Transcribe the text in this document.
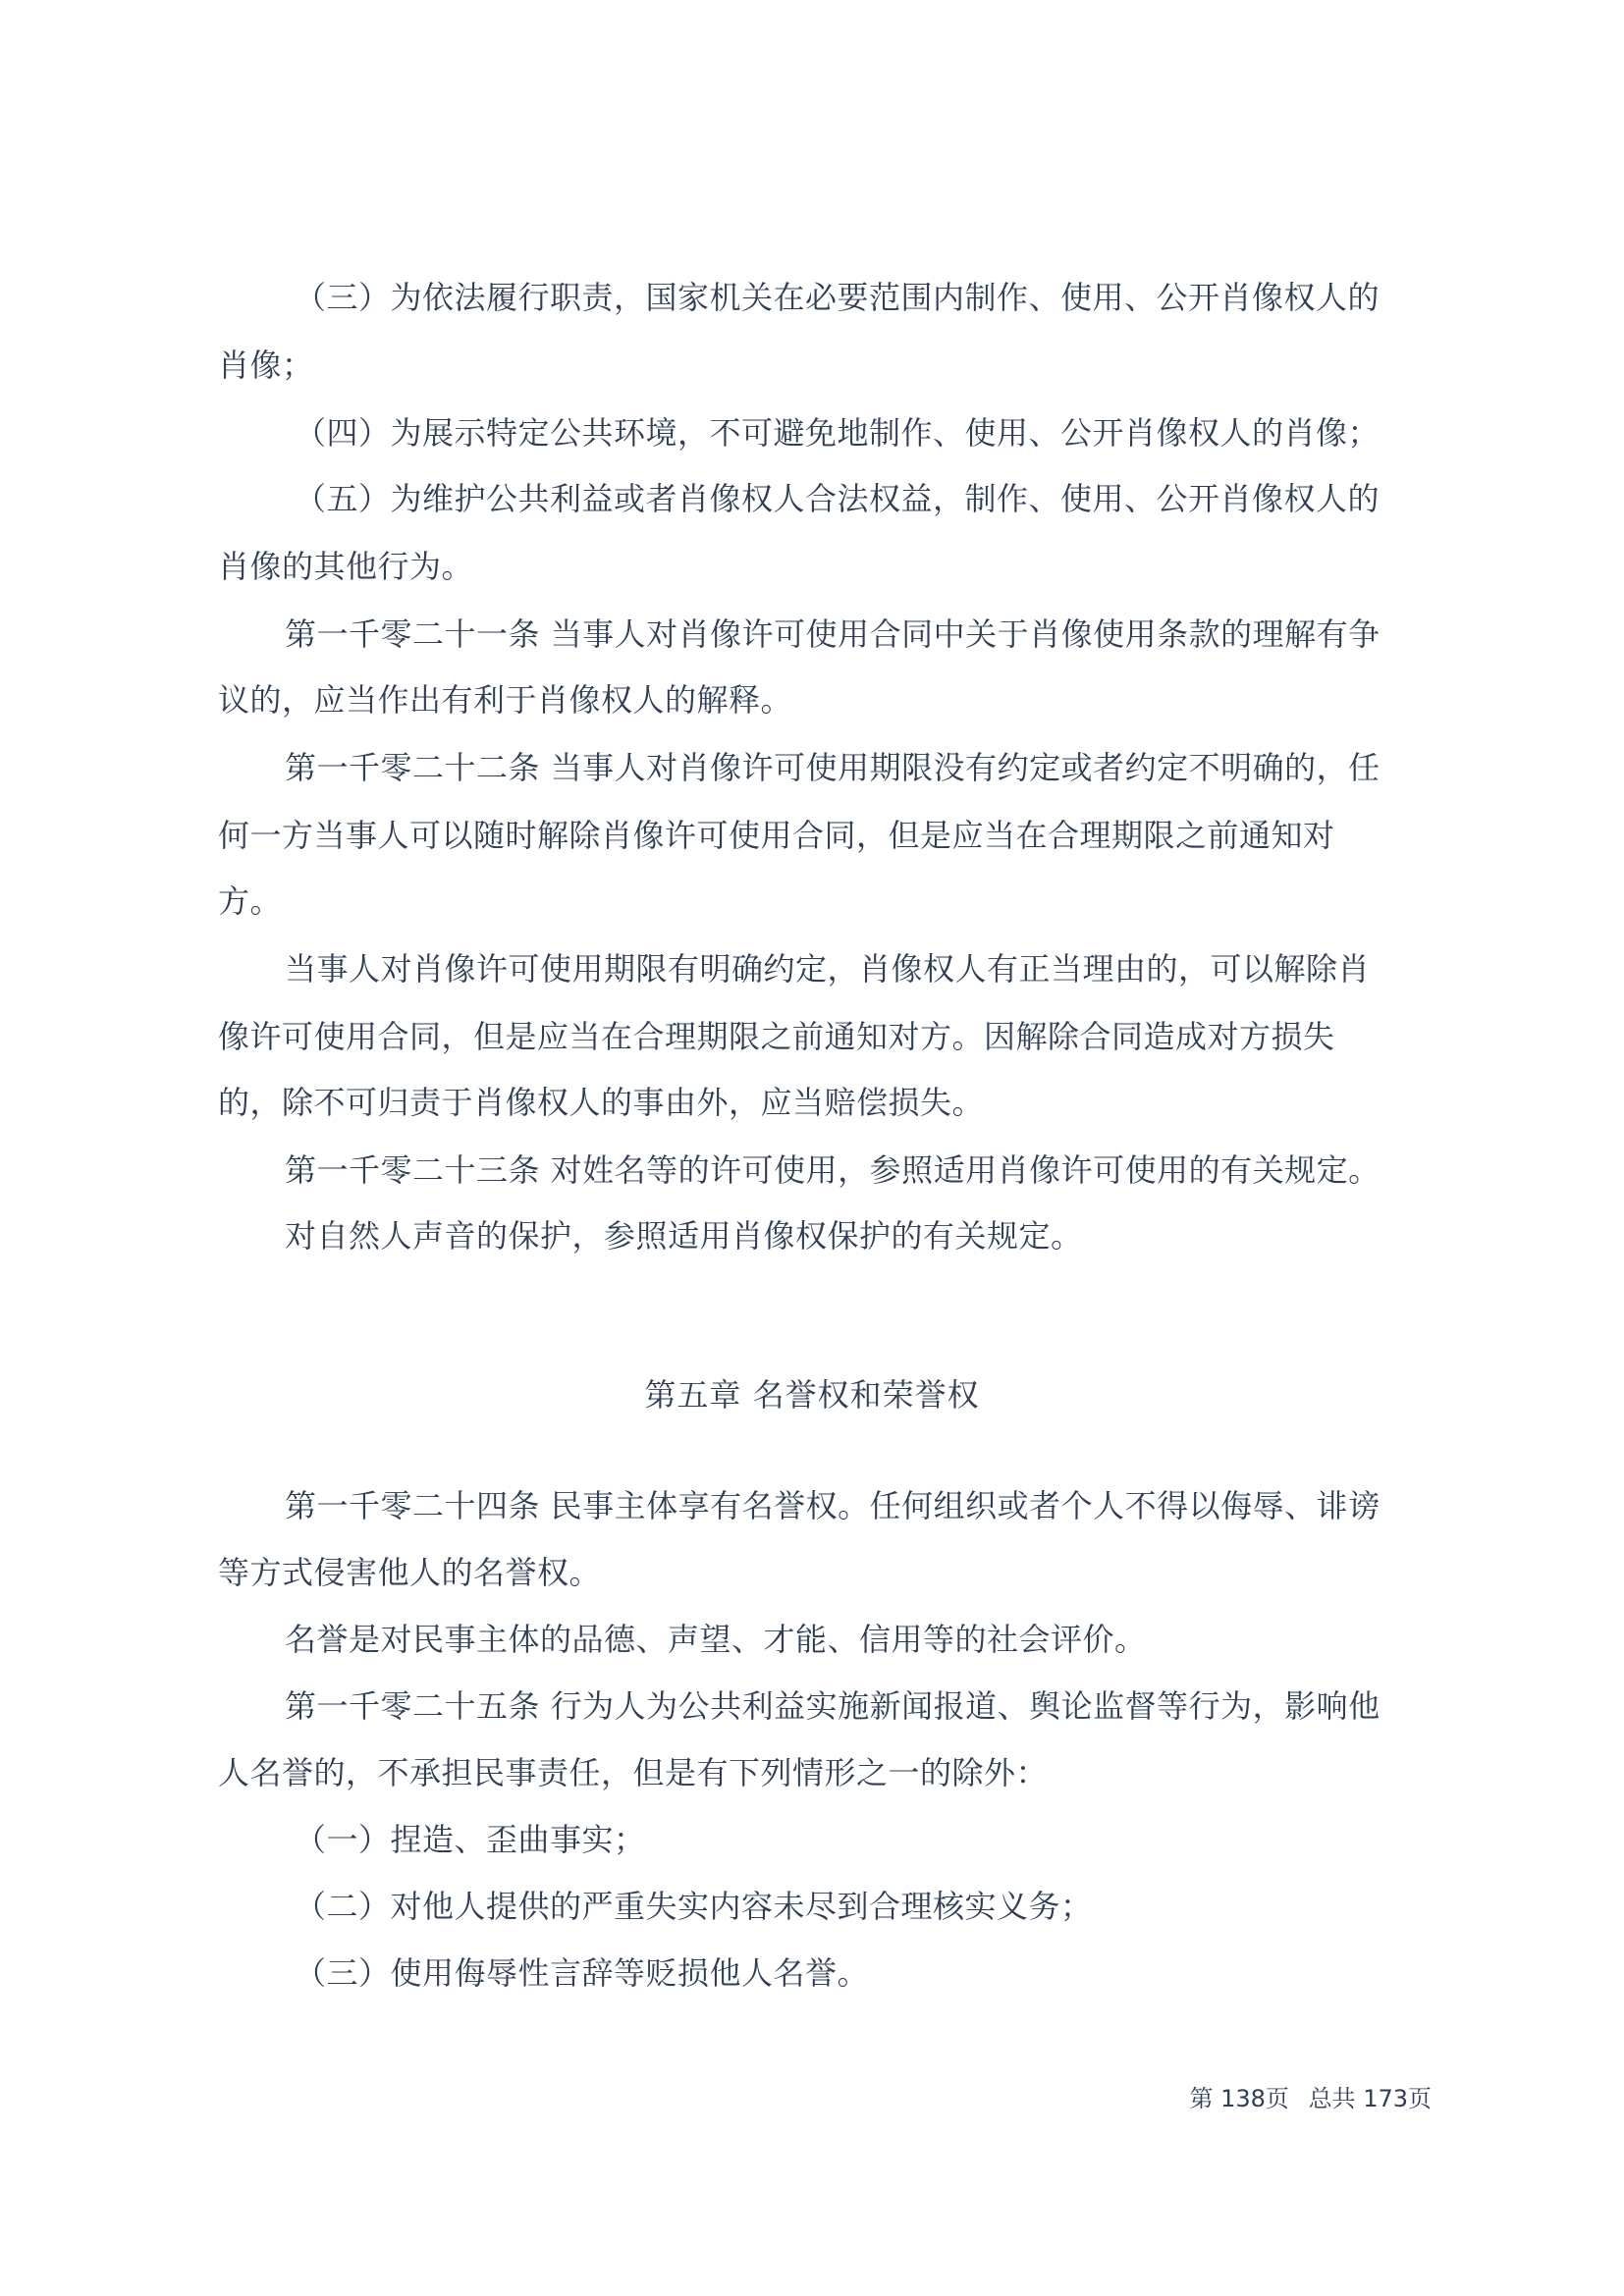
（三）为依法履行职责，国家机关在必要范围内制作、使用、公开肖像权人的
肖像；
（四）为展示特定公共环境，不可避免地制作、使用、公开肖像权人的肖像；
（五）为维护公共利益或者肖像权人合法权益，制作、使用、公开肖像权人的
肖像的其他行为。
第一千零二十一条 当事人对肖像许可使用合同中关于肖像使用条款的理解有争
议的，应当作出有利于肖像权人的解释。
第一千零二十二条 当事人对肖像许可使用期限没有约定或者约定不明确的，任
何一方当事人可以随时解除肖像许可使用合同，但是应当在合理期限之前通知对
方。
当事人对肖像许可使用期限有明确约定，肖像权人有正当理由的，可以解除肖
像许可使用合同，但是应当在合理期限之前通知对方。因解除合同造成对方损失
的，除不可归责于肖像权人的事由外，应当赔偿损失。
第一千零二十三条 对姓名等的许可使用，参照适用肖像许可使用的有关规定。
对自然人声音的保护，参照适用肖像权保护的有关规定。
第五章 名誉权和荣誉权
第一千零二十四条 民事主体享有名誉权。任何组织或者个人不得以侮辱、诽谤
等方式侵害他人的名誉权。
名誉是对民事主体的品德、声望、才能、信用等的社会评价。
第一千零二十五条 行为人为公共利益实施新闻报道、舆论监督等行为，影响他
人名誉的，不承担民事责任，但是有下列情形之一的除外：
（一）捏造、歪曲事实；
（二）对他人提供的严重失实内容未尽到合理核实义务；
（三）使用侮辱性言辞等贬损他人名誉。
第 138页 总共 173页
